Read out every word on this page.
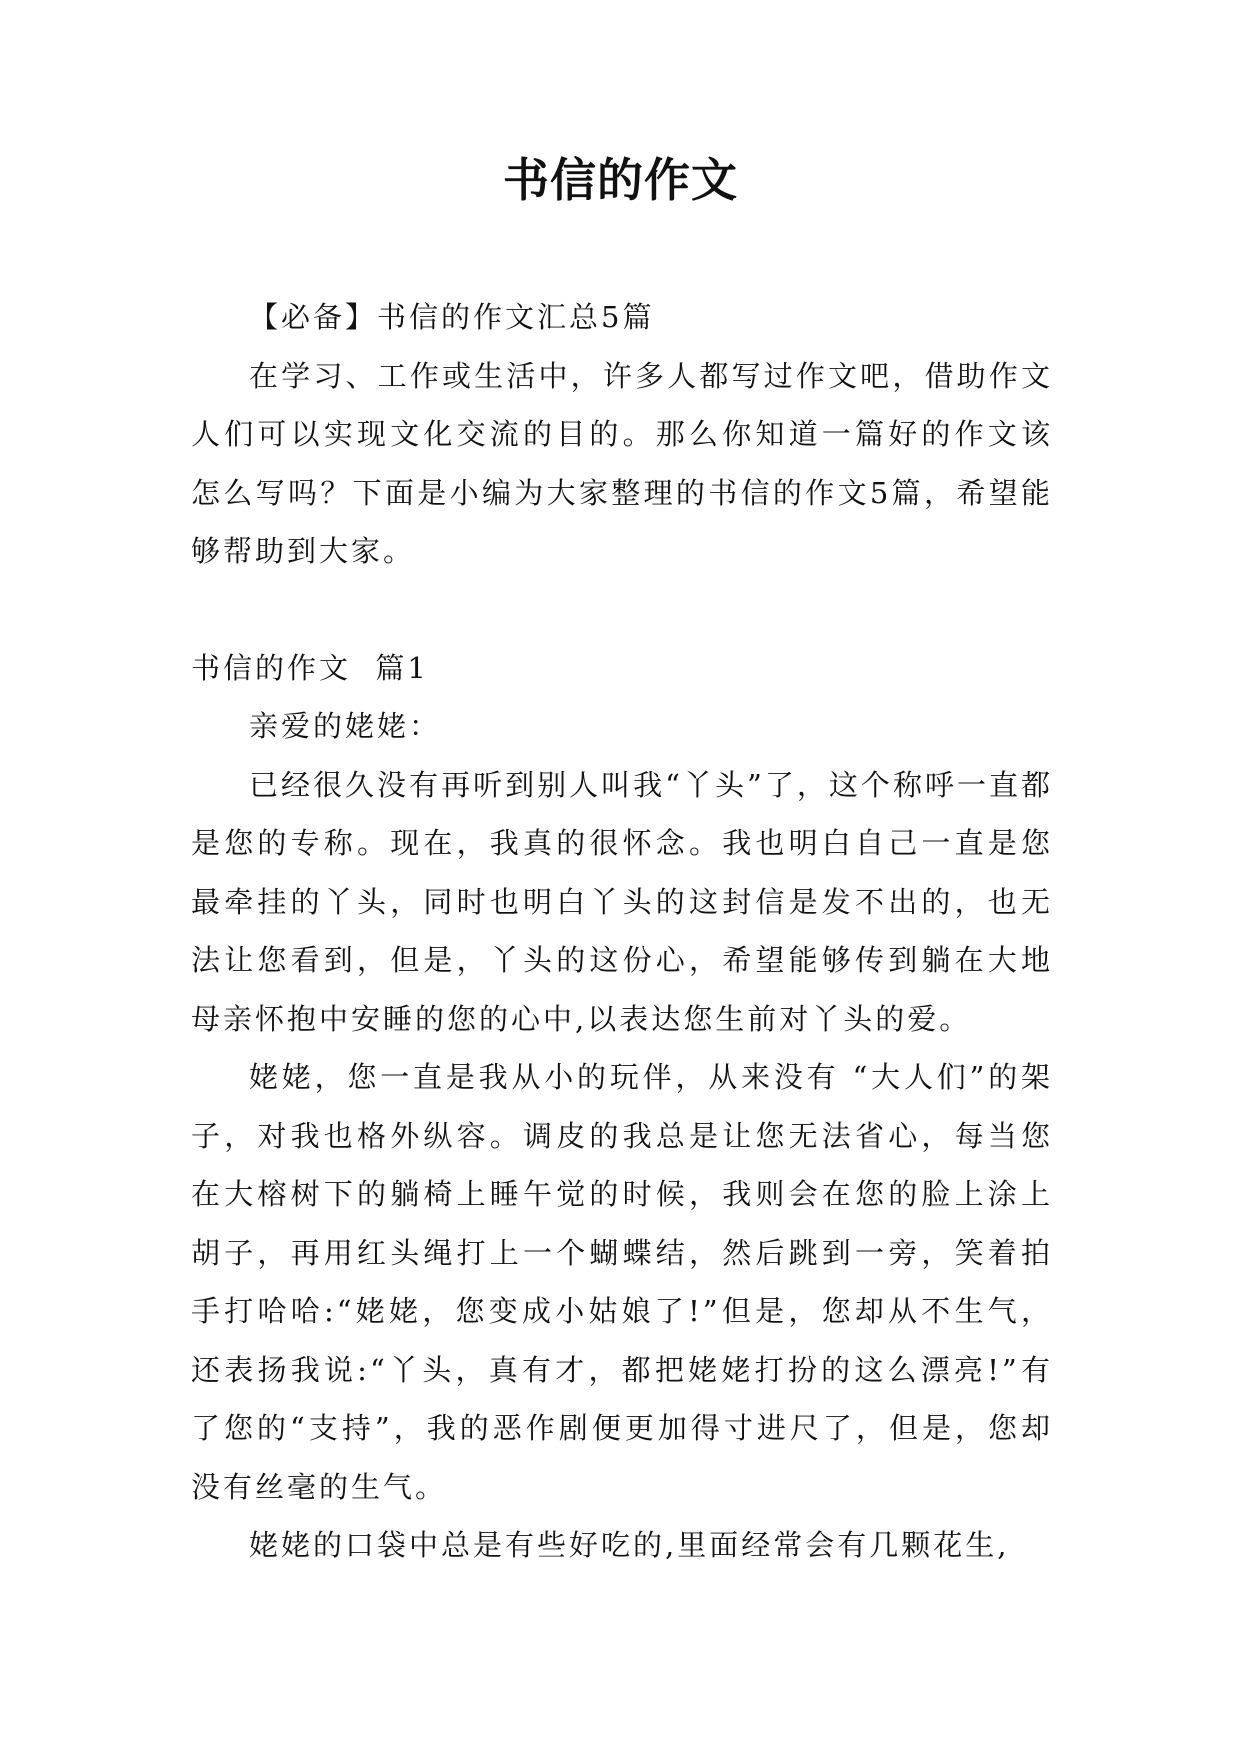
书信的作文

【必备】书信的作文汇总5篇

在学习、工作或生活中，许多人都写过作文吧，借助作文人们可以实现文化交流的目的。那么你知道一篇好的作文该怎么写吗？下面是小编为大家整理的书信的作文5篇，希望能够帮助到大家。

书信的作文  篇1

亲爱的姥姥：

已经很久没有再听到别人叫我“丫头”了，这个称呼一直都是您的专称。现在，我真的很怀念。我也明白自己一直是您最牵挂的丫头，同时也明白丫头的这封信是发不出的，也无法让您看到，但是，丫头的这份心，希望能够传到躺在大地母亲怀抱中安睡的您的心中,以表达您生前对丫头的爱。

姥姥，您一直是我从小的玩伴，从来没有 “大人们”的架子，对我也格外纵容。调皮的我总是让您无法省心，每当您在大榕树下的躺椅上睡午觉的时候，我则会在您的脸上涂上胡子，再用红头绳打上一个蝴蝶结，然后跳到一旁，笑着拍手打哈哈:“姥姥，您变成小姑娘了!”但是，您却从不生气，还表扬我说:“丫头，真有才，都把姥姥打扮的这么漂亮!”有了您的“支持”，我的恶作剧便更加得寸进尺了，但是，您却没有丝毫的生气。

姥姥的口袋中总是有些好吃的,里面经常会有几颗花生,
